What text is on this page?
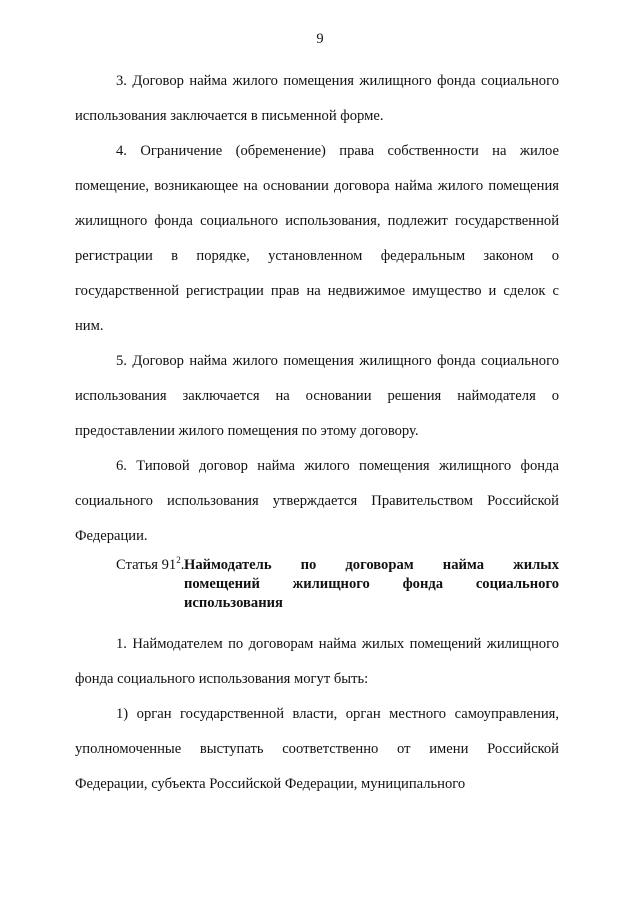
9

3. Договор найма жилого помещения жилищного фонда социального использования заключается в письменной форме.

4. Ограничение (обременение) права собственности на жилое помещение, возникающее на основании договора найма жилого помещения жилищного фонда социального использования, подлежит государственной регистрации в порядке, установленном федеральным законом о государственной регистрации прав на недвижимое имущество и сделок с ним.

5. Договор найма жилого помещения жилищного фонда социального использования заключается на основании решения наймодателя о предоставлении жилого помещения по этому договору.

6. Типовой договор найма жилого помещения жилищного фонда социального использования утверждается Правительством Российской Федерации.

Статья $91^2$. Наймодатель по договорам найма жилых
помещений жилищного фонда социального
использования

1. Наймодателем по договорам найма жилых помещений жилищного фонда социального использования могут быть:

1) орган государственной власти, орган местного самоуправления, уполномоченные выступать соответственно от имени Российской Федерации, субъекта Российской Федерации, муниципального
